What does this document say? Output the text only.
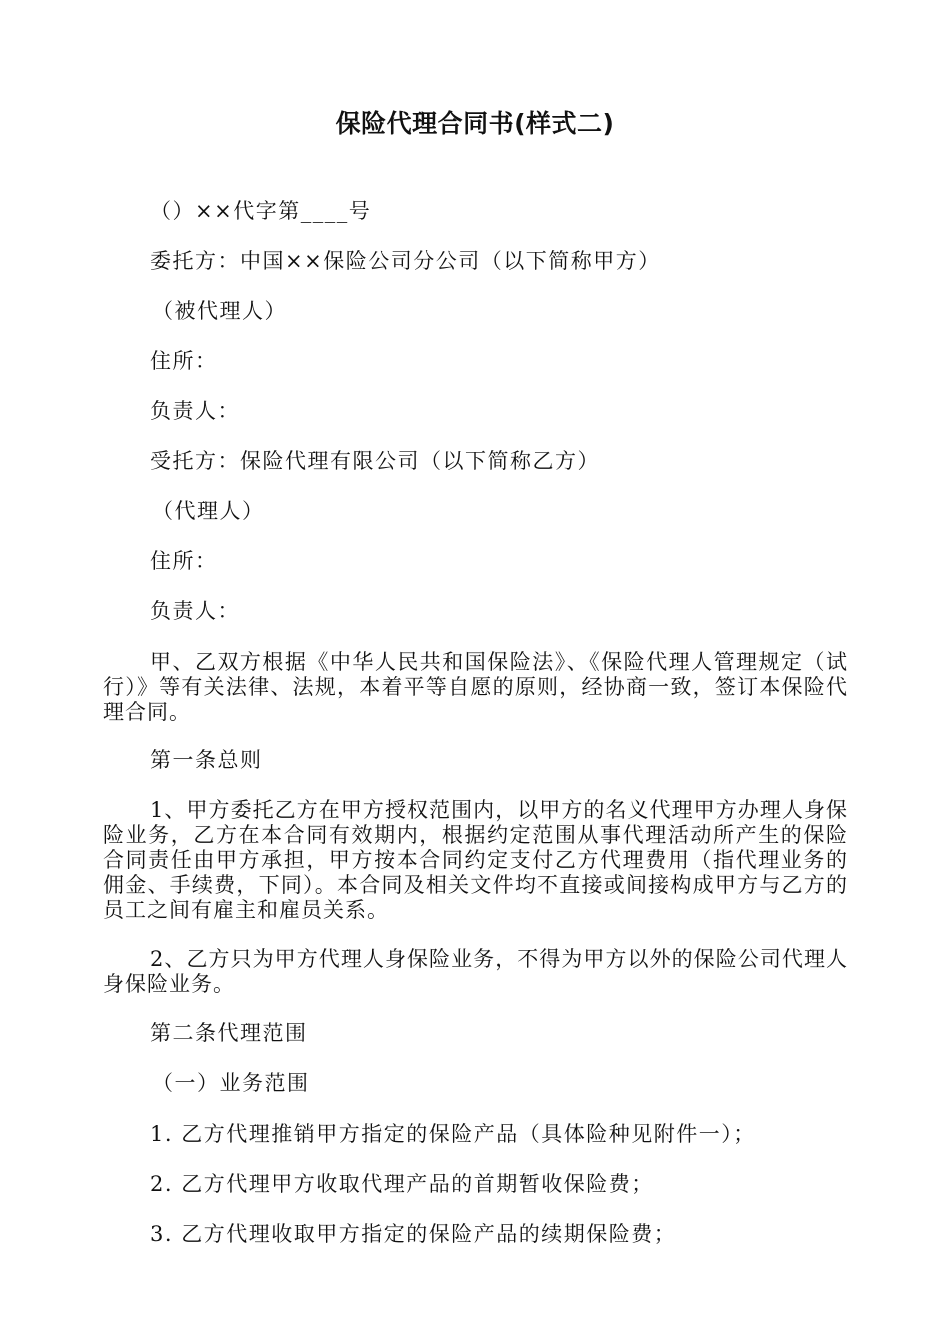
保险代理合同书(样式二)
（）××代字第____号
委托方：中国××保险公司分公司（以下简称甲方）
（被代理人）
住所：
负责人：
受托方：保险代理有限公司（以下简称乙方）
（代理人）
住所：
负责人：
甲、乙双方根据《中华人民共和国保险法》、《保险代理人管理规定（试行）》等有关法律、法规，本着平等自愿的原则，经协商一致，签订本保险代理合同。
第一条总则
1、甲方委托乙方在甲方授权范围内，以甲方的名义代理甲方办理人身保险业务，乙方在本合同有效期内，根据约定范围从事代理活动所产生的保险合同责任由甲方承担，甲方按本合同约定支付乙方代理费用（指代理业务的佣金、手续费，下同）。本合同及相关文件均不直接或间接构成甲方与乙方的员工之间有雇主和雇员关系。
2、乙方只为甲方代理人身保险业务，不得为甲方以外的保险公司代理人身保险业务。
第二条代理范围
（一）业务范围
1. 乙方代理推销甲方指定的保险产品（具体险种见附件一）；
2. 乙方代理甲方收取代理产品的首期暂收保险费；
3. 乙方代理收取甲方指定的保险产品的续期保险费；
